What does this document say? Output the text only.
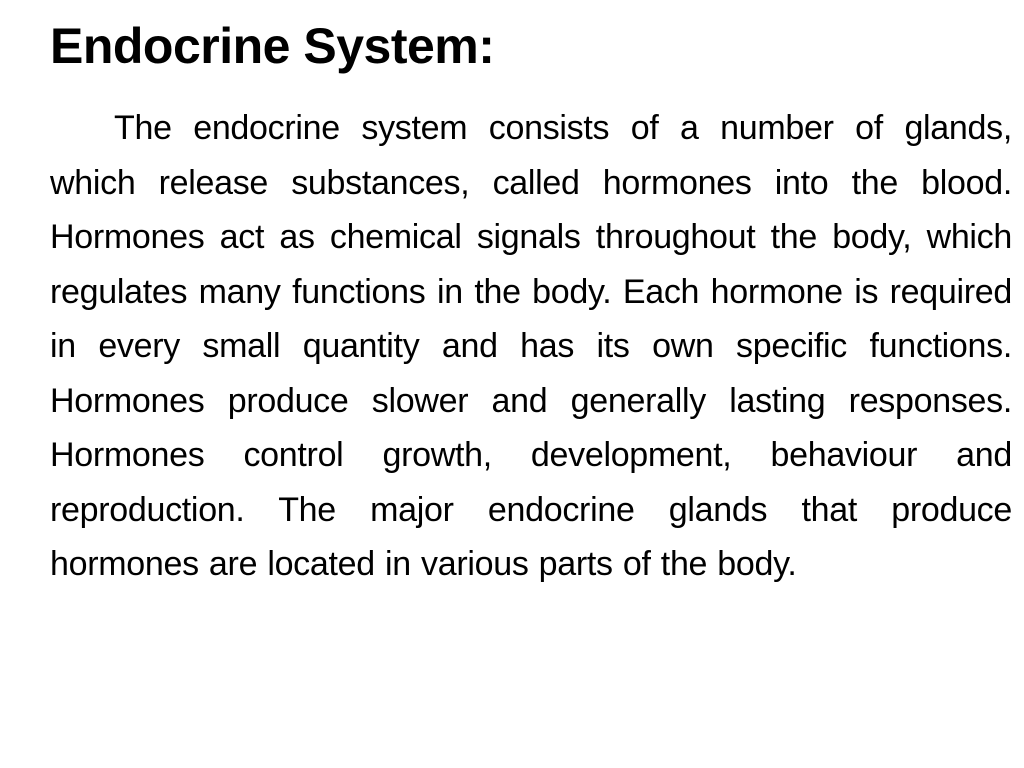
Endocrine System:

The endocrine system consists of a number of glands, which release substances, called hormones into the blood. Hormones act as chemical signals throughout the body, which regulates many functions in the body. Each hormone is required in every small quantity and has its own specific functions. Hormones produce slower and generally lasting responses. Hormones control growth, development, behaviour and reproduction. The major endocrine glands that produce hormones are located in various parts of the body.
